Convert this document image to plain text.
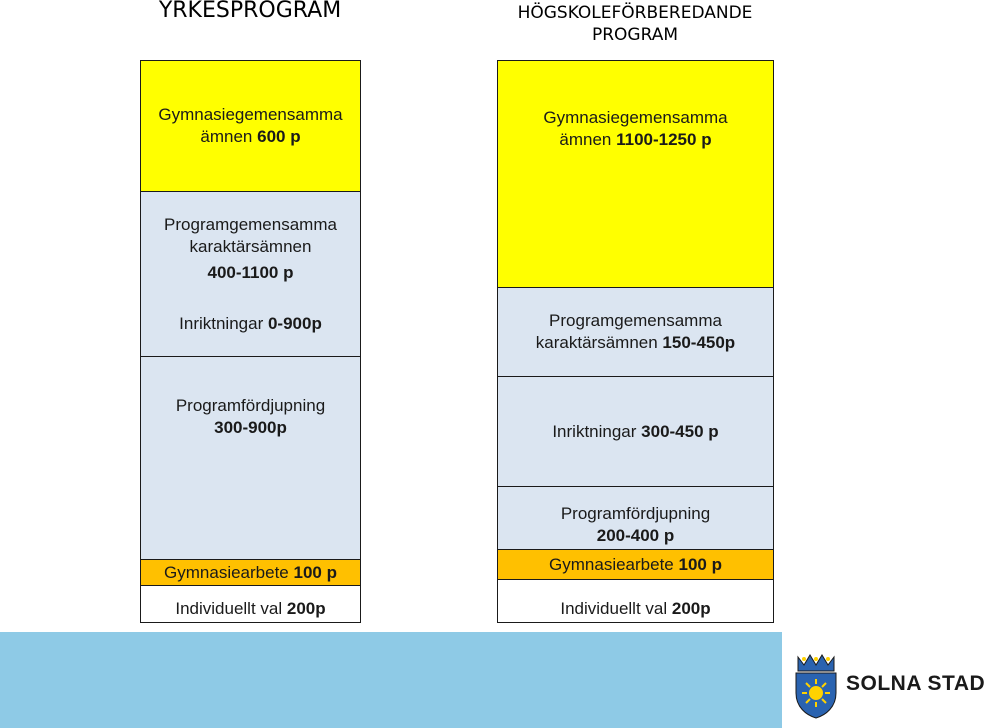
YRKESPROGRAM	HÖGSKOLEFÖRBEREDANDE
PROGRAM
Gymnasiegemensamma
ämnen 600 p
Programgemensamma
karaktärsämnen
400-1100 p
Inriktningar 0-900p
Programfördjupning
300-900p
Gymnasiearbete 100 p
Individuellt val 200p
Gymnasiegemensamma
ämnen 1100-1250 p
Programgemensamma
karaktärsämnen 150-450p
Inriktningar 300-450 p
Programfördjupning
200-400 p
Gymnasiearbete 100 p
Individuellt val 200p
SOLNA STAD
